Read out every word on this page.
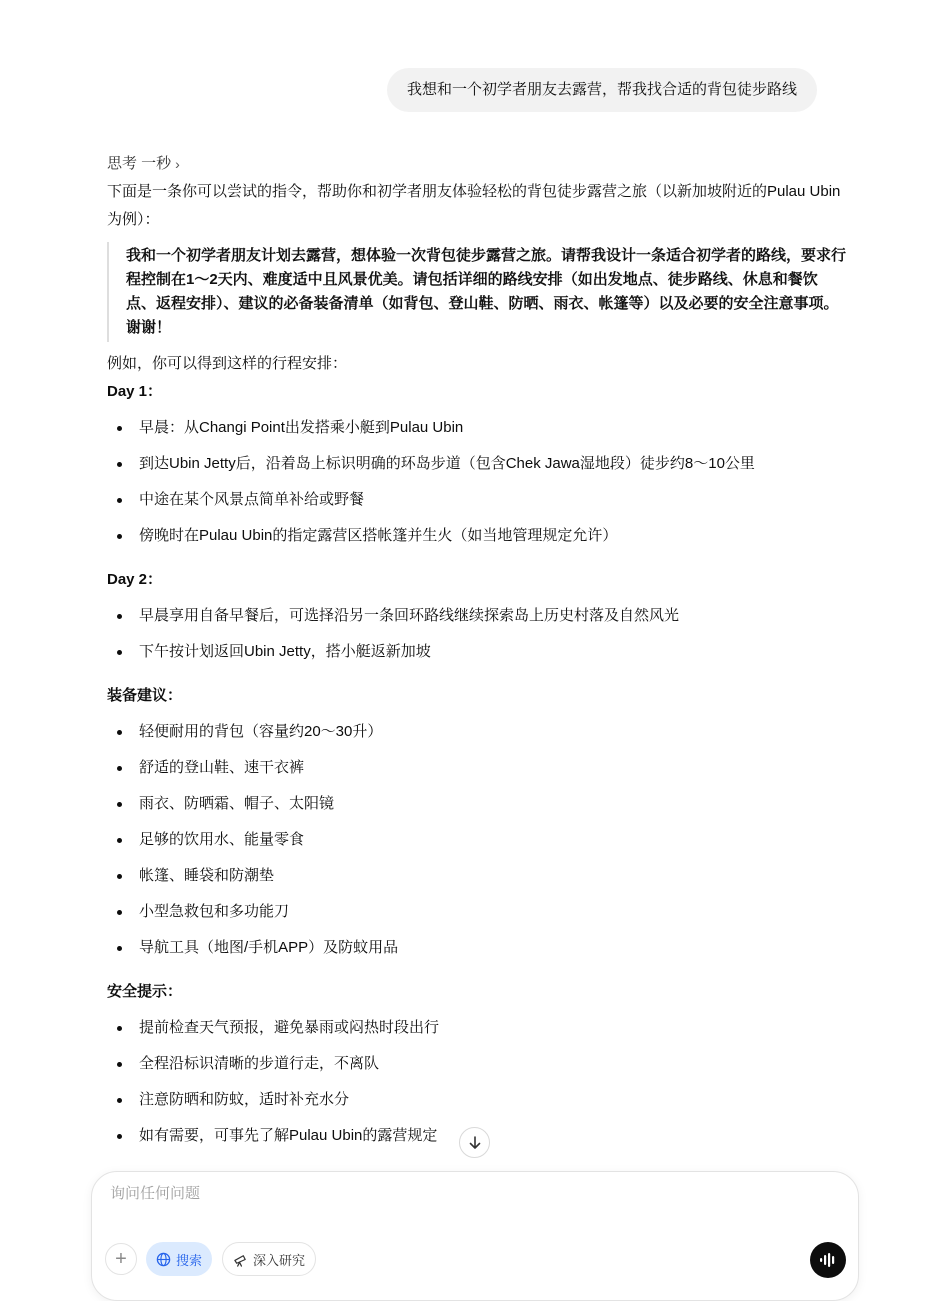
我想和一个初学者朋友去露营，帮我找合适的背包徒步路线
思考 一秒 ›

下面是一条你可以尝试的指令，帮助你和初学者朋友体验轻松的背包徒步露营之旅（以新加坡附近的Pulau Ubin为例）：

我和一个初学者朋友计划去露营，想体验一次背包徒步露营之旅。请帮我设计一条适合初学者的路线，要求行程控制在1～2天内、难度适中且风景优美。请包括详细的路线安排（如出发地点、徒步路线、休息和餐饮点、返程安排）、建议的必备装备清单（如背包、登山鞋、防晒、雨衣、帐篷等）以及必要的安全注意事项。谢谢！

例如，你可以得到这样的行程安排：

Day 1：

早晨：从Changi Point出发搭乘小艇到Pulau Ubin
到达Ubin Jetty后，沿着岛上标识明确的环岛步道（包含Chek Jawa湿地段）徒步约8～10公里
中途在某个风景点简单补给或野餐
傍晚时在Pulau Ubin的指定露营区搭帐篷并生火（如当地管理规定允许）

Day 2：

早晨享用自备早餐后，可选择沿另一条回环路线继续探索岛上历史村落及自然风光
下午按计划返回Ubin Jetty，搭小艇返新加坡

装备建议：

轻便耐用的背包（容量约20～30升）
舒适的登山鞋、速干衣裤
雨衣、防晒霜、帽子、太阳镜
足够的饮用水、能量零食
帐篷、睡袋和防潮垫
小型急救包和多功能刀
导航工具（地图/手机APP）及防蚊用品

安全提示：

提前检查天气预报，避免暴雨或闷热时段出行
全程沿标识清晰的步道行走，不离队
注意防晒和防蚊，适时补充水分
如有需要，可事先了解Pulau Ubin的露营规定
询问任何问题
+	搜索	深入研究
